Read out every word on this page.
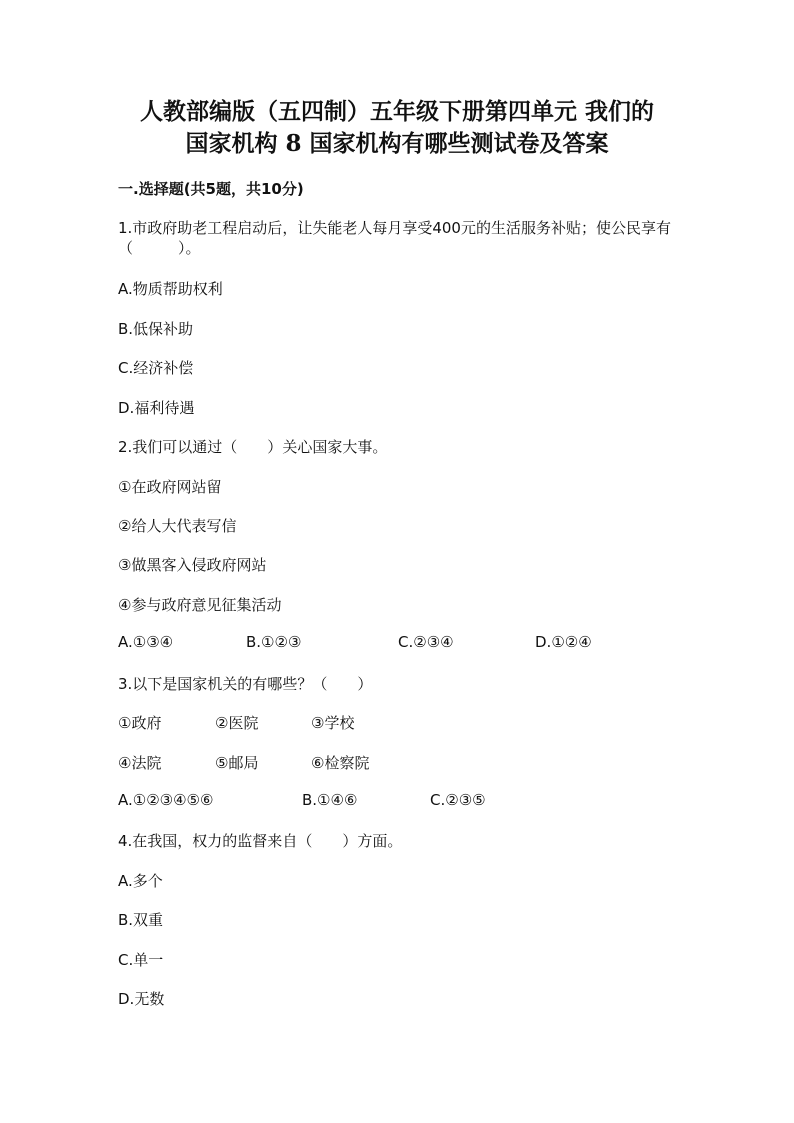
人教部编版（五四制）五年级下册第四单元 我们的
国家机构 8 国家机构有哪些测试卷及答案
一.选择题(共5题，共10分)
1.市政府助老工程启动后，让失能老人每月享受400元的生活服务补贴；使公民享有（　　　）。
A.物质帮助权利
B.低保补助
C.经济补偿
D.福利待遇
2.我们可以通过（　　）关心国家大事。
①在政府网站留
②给人大代表写信
③做黑客入侵政府网站
④参与政府意见征集活动
A.①③④	B.①②③	C.②③④	D.①②④
3.以下是国家机关的有哪些？（　　）
①政府	②医院	③学校
④法院	⑤邮局	⑥检察院
A.①②③④⑤⑥	B.①④⑥	C.②③⑤
4.在我国，权力的监督来自（　　）方面。
A.多个
B.双重
C.单一
D.无数
